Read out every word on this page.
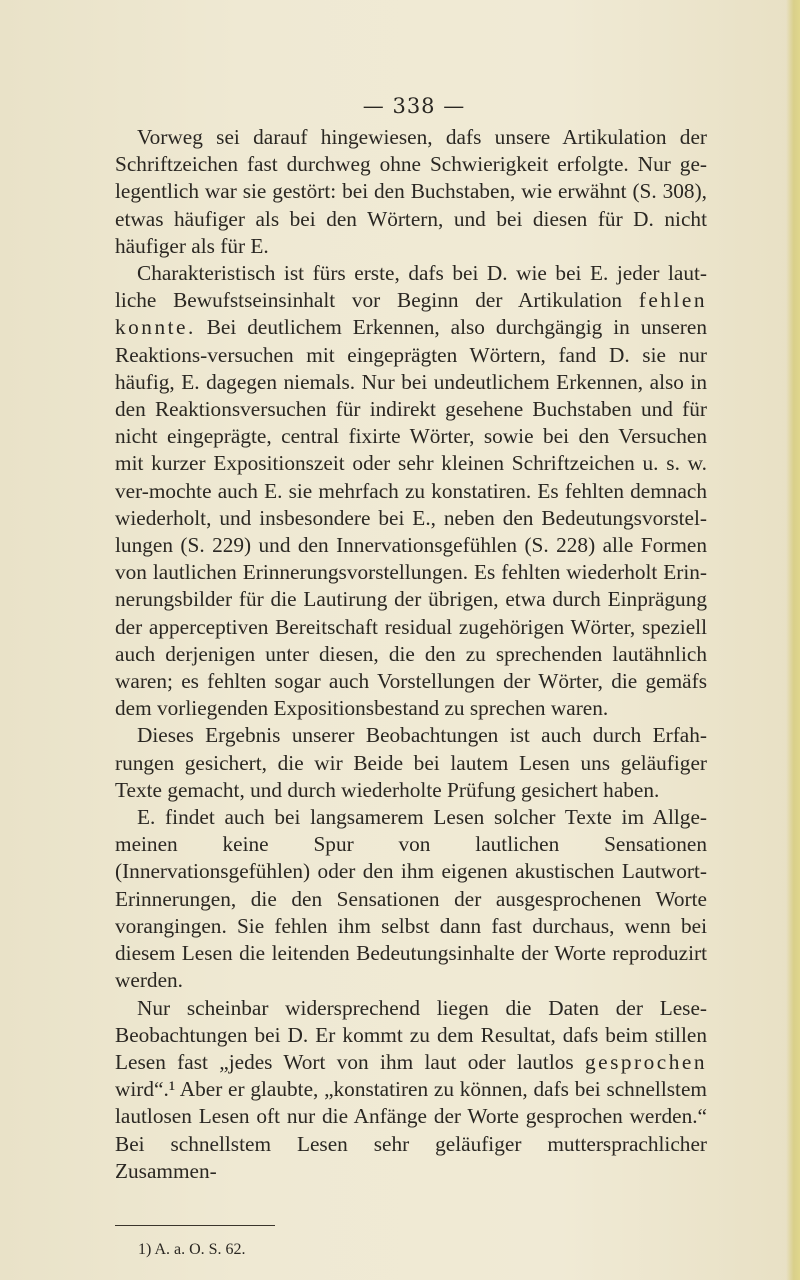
— 338 —

Vorweg sei darauf hingewiesen, dafs unsere Artikulation der Schriftzeichen fast durchweg ohne Schwierigkeit erfolgte. Nur ge-legentlich war sie gestört: bei den Buchstaben, wie erwähnt (S. 308), etwas häufiger als bei den Wörtern, und bei diesen für D. nicht häufiger als für E.

Charakteristisch ist fürs erste, dafs bei D. wie bei E. jeder laut-liche Bewufstseinsinhalt vor Beginn der Artikulation fehlen konnte. Bei deutlichem Erkennen, also durchgängig in unseren Reaktions-versuchen mit eingeprägten Wörtern, fand D. sie nur häufig, E. dagegen niemals. Nur bei undeutlichem Erkennen, also in den Reaktionsversuchen für indirekt gesehene Buchstaben und für nicht eingeprägte, central fixirte Wörter, sowie bei den Versuchen mit kurzer Expositionszeit oder sehr kleinen Schriftzeichen u. s. w. ver-mochte auch E. sie mehrfach zu konstatiren. Es fehlten demnach wiederholt, und insbesondere bei E., neben den Bedeutungsvorstel-lungen (S. 229) und den Innervationsgefühlen (S. 228) alle Formen von lautlichen Erinnerungsvorstellungen. Es fehlten wiederholt Erin-nerungsbilder für die Lautirung der übrigen, etwa durch Einprägung der apperceptiven Bereitschaft residual zugehörigen Wörter, speziell auch derjenigen unter diesen, die den zu sprechenden lautähnlich waren; es fehlten sogar auch Vorstellungen der Wörter, die gemäfs dem vorliegenden Expositionsbestand zu sprechen waren.

Dieses Ergebnis unserer Beobachtungen ist auch durch Erfah-rungen gesichert, die wir Beide bei lautem Lesen uns geläufiger Texte gemacht, und durch wiederholte Prüfung gesichert haben.

E. findet auch bei langsamerem Lesen solcher Texte im Allge-meinen keine Spur von lautlichen Sensationen (Innervationsgefühlen) oder den ihm eigenen akustischen Lautwort-Erinnerungen, die den Sensationen der ausgesprochenen Worte vorangingen. Sie fehlen ihm selbst dann fast durchaus, wenn bei diesem Lesen die leitenden Bedeutungsinhalte der Worte reproduzirt werden.

Nur scheinbar widersprechend liegen die Daten der Lese-Beobachtungen bei D. Er kommt zu dem Resultat, dafs beim stillen Lesen fast „jedes Wort von ihm laut oder lautlos gesprochen wird“.¹ Aber er glaubte, „konstatiren zu können, dafs bei schnellstem lautlosen Lesen oft nur die Anfänge der Worte gesprochen werden.“ Bei schnellstem Lesen sehr geläufiger muttersprachlicher Zusammen-

1) A. a. O. S. 62.
